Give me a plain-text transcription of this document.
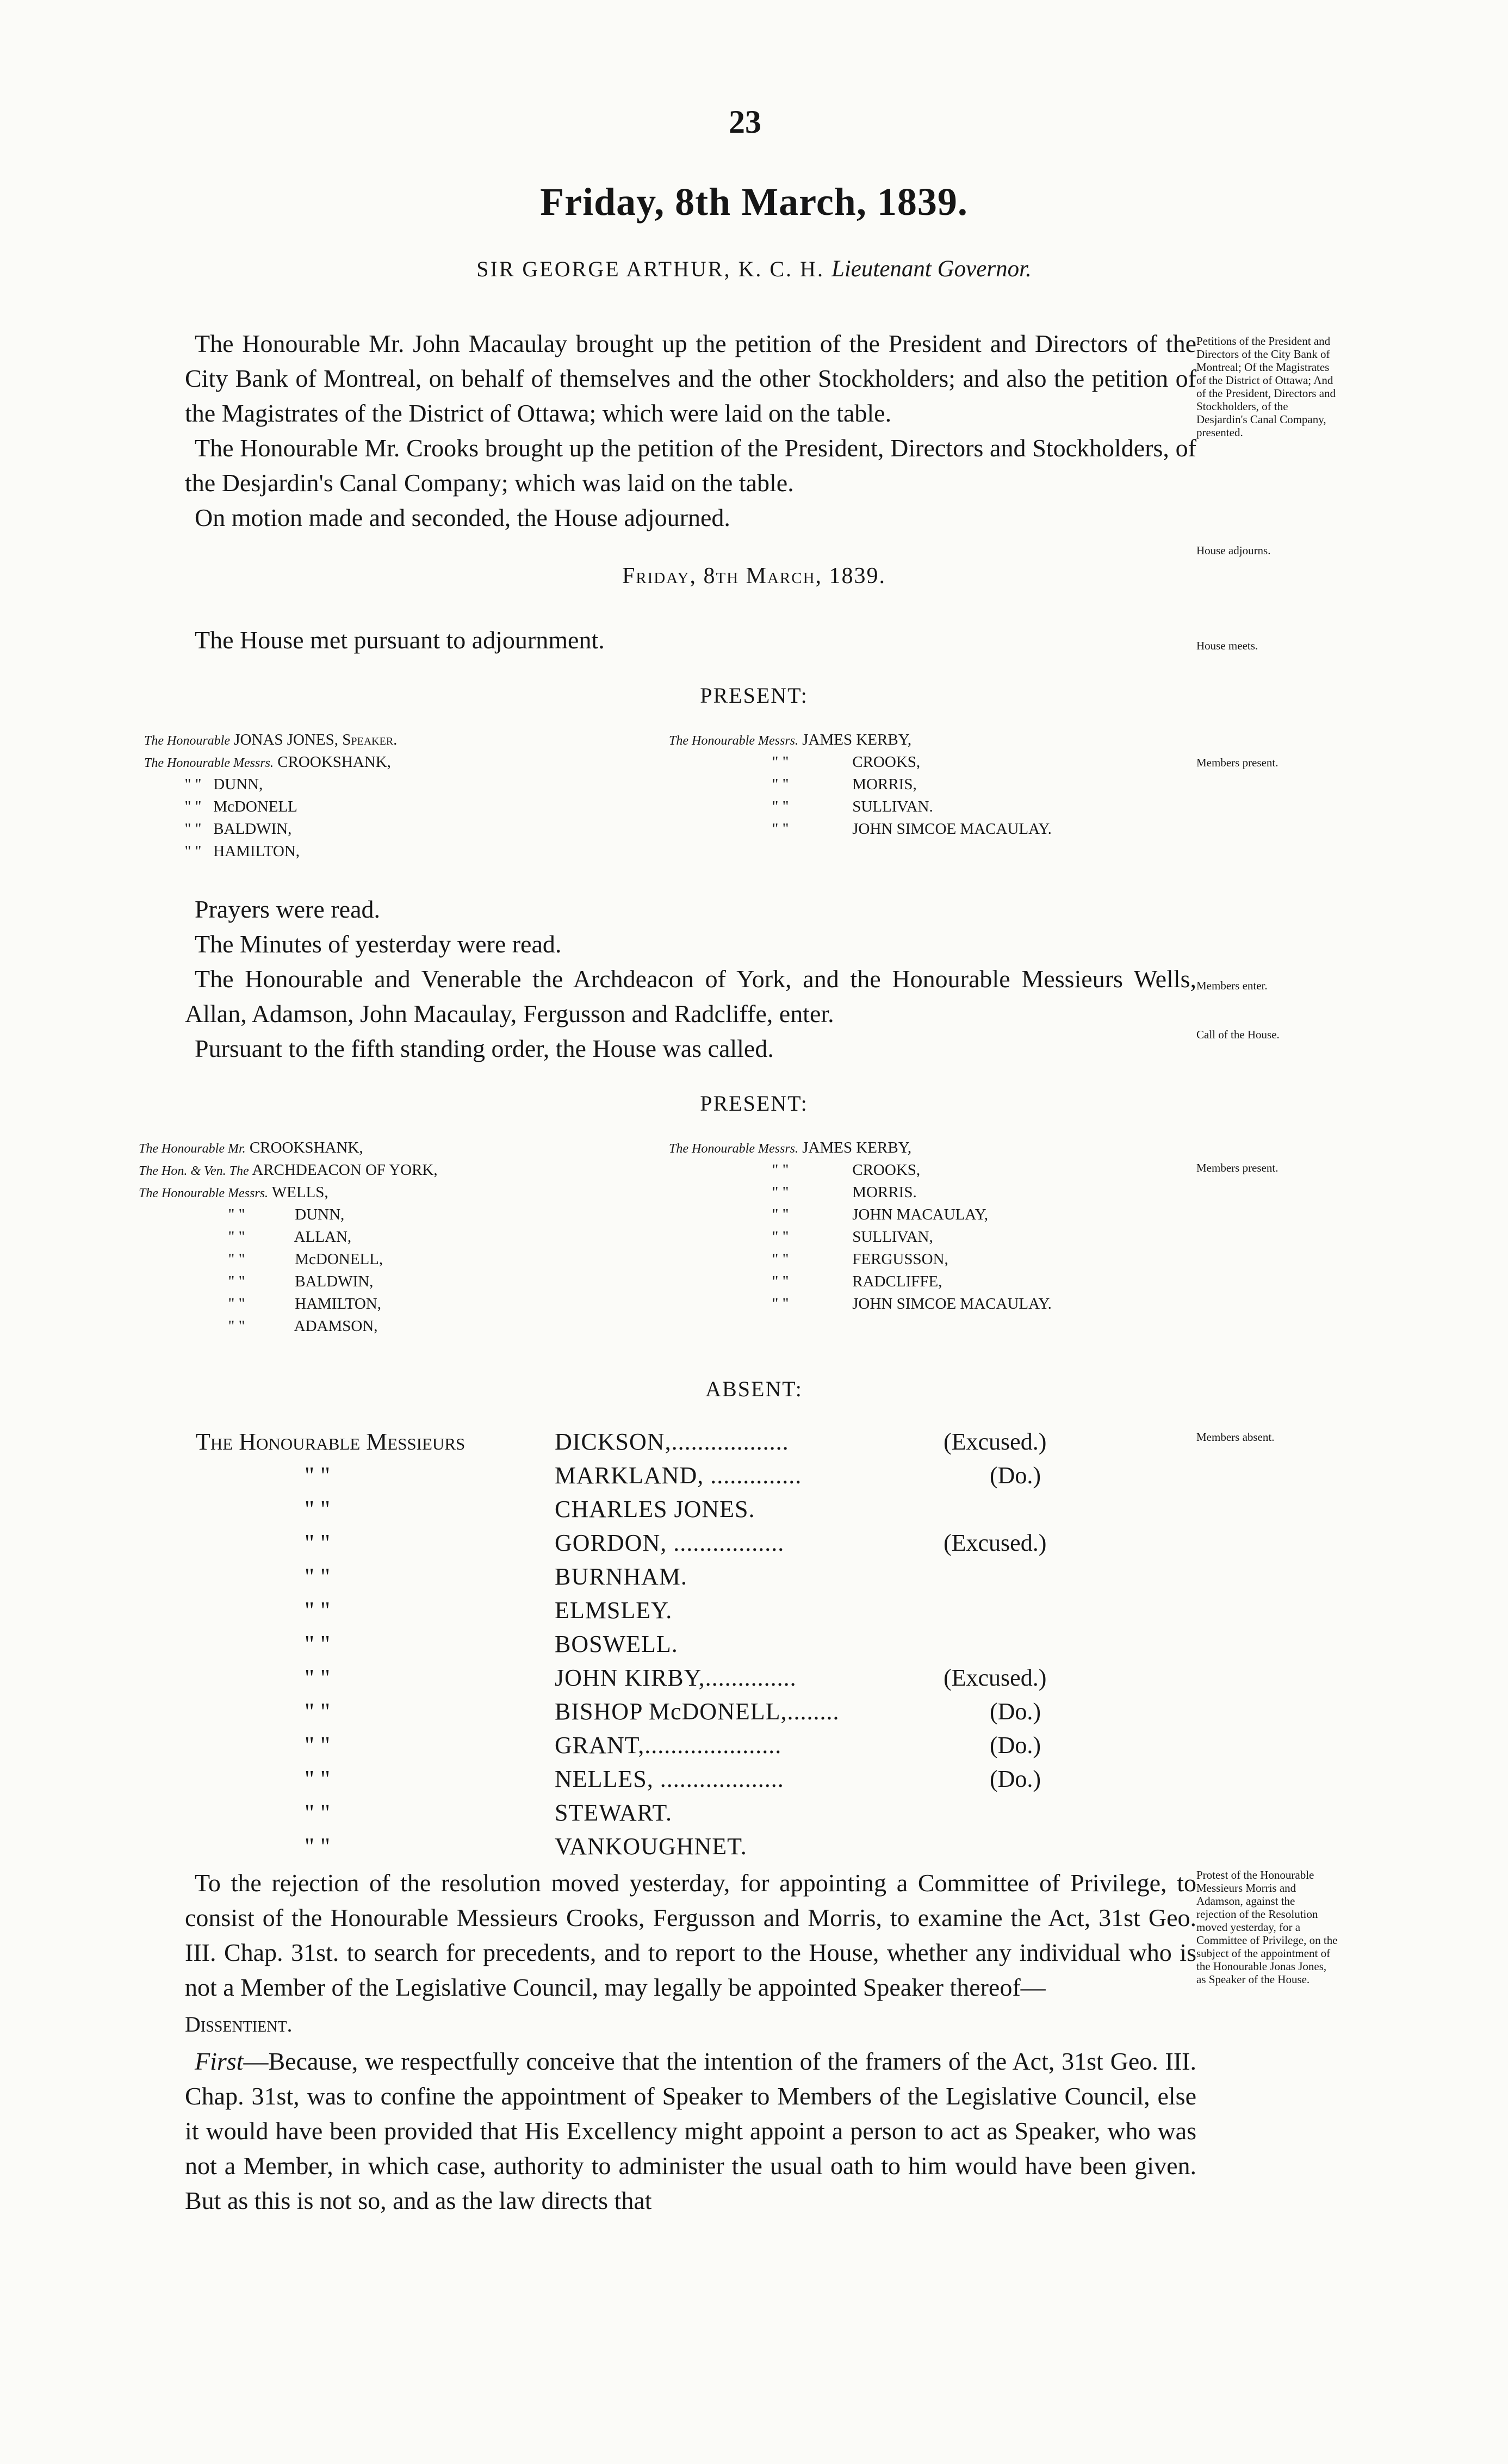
23
Friday, 8th March, 1839.
SIR GEORGE ARTHUR, K. C. H. Lieutenant Governor.

The Honourable Mr. John Macaulay brought up the petition of the President and Directors of the City Bank of Montreal, on behalf of themselves and the other Stockholders; and also the petition of the Magistrates of the District of Ottawa; which were laid on the table.

The Honourable Mr. Crooks brought up the petition of the President, Directors and Stockholders, of the Desjardin's Canal Company; which was laid on the table.

On motion made and seconded, the House adjourned.

Friday, 8th March, 1839.

The House met pursuant to adjournment.

PRESENT:
The Honourable JONAS JONES, Speaker.
The Honourable Messrs. CROOKSHANK,
" " DUNN,
" " McDONELL
" " BALDWIN,
" " HAMILTON,
The Honourable Messrs. JAMES KERBY,
" "	CROOKS,
" "	MORRIS,
" "	SULLIVAN.
" "	JOHN SIMCOE MACAULAY.

Prayers were read.

The Minutes of yesterday were read.

The Honourable and Venerable the Archdeacon of York, and the Honourable Messieurs Wells, Allan, Adamson, John Macaulay, Fergusson and Radcliffe, enter.

Pursuant to the fifth standing order, the House was called.

PRESENT:
The Honourable Mr. CROOKSHANK,
The Hon. & Ven. The ARCHDEACON OF YORK,
The Honourable Messrs. WELLS,
" "	DUNN,
" "	ALLAN,
" "	McDONELL,
" "	BALDWIN,
" "	HAMILTON,
" "	ADAMSON,
The Honourable Messrs. JAMES KERBY,
" "	CROOKS,
" "	MORRIS.
" "	JOHN MACAULAY,
" "	SULLIVAN,
" "	FERGUSSON,
" "	RADCLIFFE,
" "	JOHN SIMCOE MACAULAY.
ABSENT:
The Honourable Messieurs	DICKSON,..................	(Excused.)
" "	MARKLAND, ..............	(Do.)
" "	CHARLES JONES.
" "	GORDON, .................	(Excused.)
" "	BURNHAM.
" "	ELMSLEY.
" "	BOSWELL.
" "	JOHN KIRBY,..............	(Excused.)
" "	BISHOP McDONELL,........	(Do.)
" "	GRANT,.....................	(Do.)
" "	NELLES, ...................	(Do.)
" "	STEWART.
" "	VANKOUGHNET.

To the rejection of the resolution moved yesterday, for appointing a Committee of Privilege, to consist of the Honourable Messieurs Crooks, Fergusson and Morris, to examine the Act, 31st Geo. III. Chap. 31st. to search for precedents, and to report to the House, whether any individual who is not a Member of the Legislative Council, may legally be appointed Speaker thereof—

Dissentient.

First—Because, we respectfully conceive that the intention of the framers of the Act, 31st Geo. III. Chap. 31st, was to confine the appointment of Speaker to Members of the Legislative Council, else it would have been provided that His Excellency might appoint a person to act as Speaker, who was not a Member, in which case, authority to administer the usual oath to him would have been given. But as this is not so, and as the law directs that

Petitions of the President and Directors of the City Bank of Montreal; Of the Magistrates of the District of Ottawa; And of the President, Directors and Stockholders, of the Desjardin's Canal Company, presented.
House adjourns.
House meets.
Members present.
Members enter.
Call of the House.
Members present.
Members absent.
Protest of the Honourable Messieurs Morris and Adamson, against the rejection of the Resolution moved yesterday, for a Committee of Privilege, on the subject of the appointment of the Honourable Jonas Jones, as Speaker of the House.
